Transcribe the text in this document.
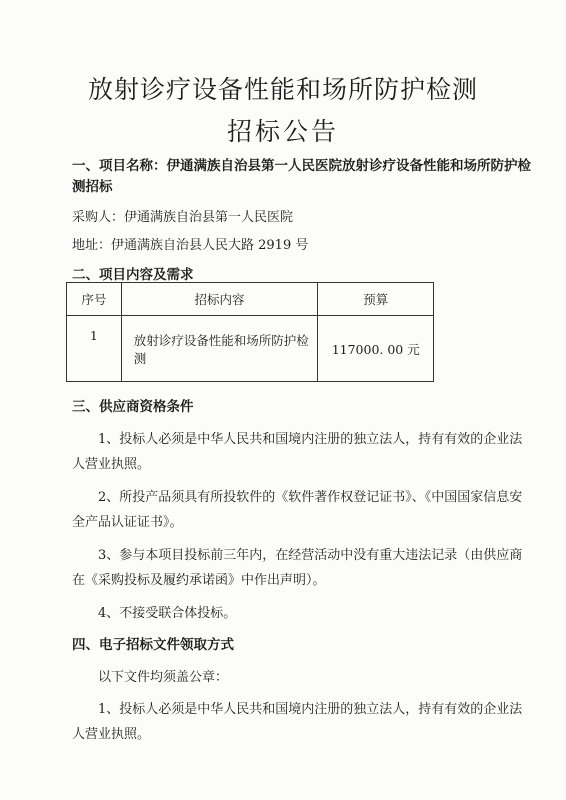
放射诊疗设备性能和场所防护检测
招标公告
一、项目名称：伊通满族自治县第一人民医院放射诊疗设备性能和场所防护检
测招标
采购人：伊通满族自治县第一人民医院
地址：伊通满族自治县人民大路 2919 号
二、项目内容及需求
序号	招标内容	预算

1	放射诊疗设备性能和场所防护检测	117000. 00 元
三、供应商资格条件
1、投标人必须是中华人民共和国境内注册的独立法人，持有有效的企业法
人营业执照。
2、所投产品须具有所投软件的《软件著作权登记证书》、《中国国家信息安
全产品认证证书》。
3、参与本项目投标前三年内，在经营活动中没有重大违法记录（由供应商
在《采购投标及履约承诺函》中作出声明）。
4、不接受联合体投标。
四、电子招标文件领取方式
以下文件均须盖公章：
1、投标人必须是中华人民共和国境内注册的独立法人，持有有效的企业法
人营业执照。
